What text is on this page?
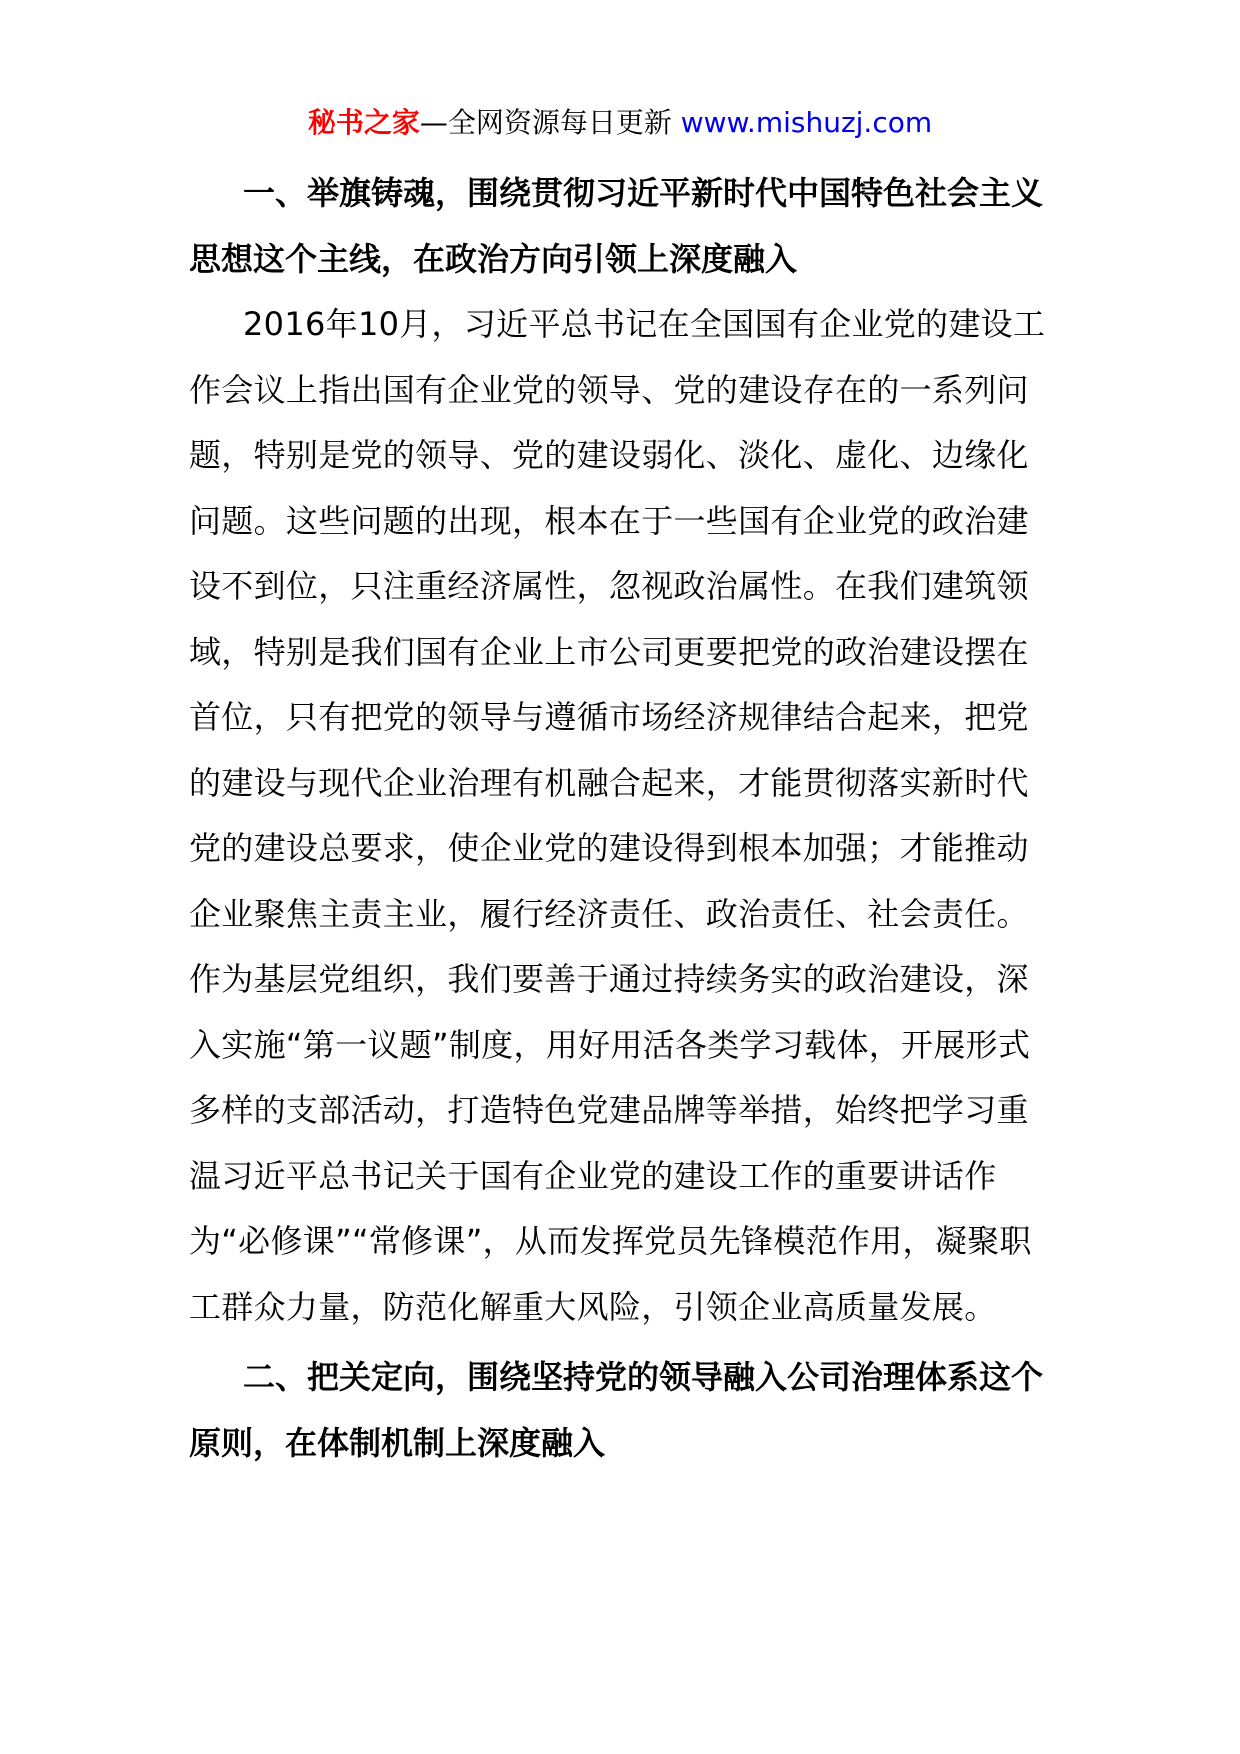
秘书之家—全网资源每日更新 www.mishuzj.com

一、举旗铸魂，围绕贯彻习近平新时代中国特色社会主义思想这个主线，在政治方向引领上深度融入

2016年10月，习近平总书记在全国国有企业党的建设工作会议上指出国有企业党的领导、党的建设存在的一系列问题，特别是党的领导、党的建设弱化、淡化、虚化、边缘化问题。这些问题的出现，根本在于一些国有企业党的政治建设不到位，只注重经济属性，忽视政治属性。在我们建筑领域，特别是我们国有企业上市公司更要把党的政治建设摆在首位，只有把党的领导与遵循市场经济规律结合起来，把党的建设与现代企业治理有机融合起来，才能贯彻落实新时代党的建设总要求，使企业党的建设得到根本加强；才能推动企业聚焦主责主业，履行经济责任、政治责任、社会责任。作为基层党组织，我们要善于通过持续务实的政治建设，深入实施“第一议题”制度，用好用活各类学习载体，开展形式多样的支部活动，打造特色党建品牌等举措，始终把学习重温习近平总书记关于国有企业党的建设工作的重要讲话作为“必修课”“常修课”，从而发挥党员先锋模范作用，凝聚职工群众力量，防范化解重大风险，引领企业高质量发展。

二、把关定向，围绕坚持党的领导融入公司治理体系这个原则，在体制机制上深度融入
